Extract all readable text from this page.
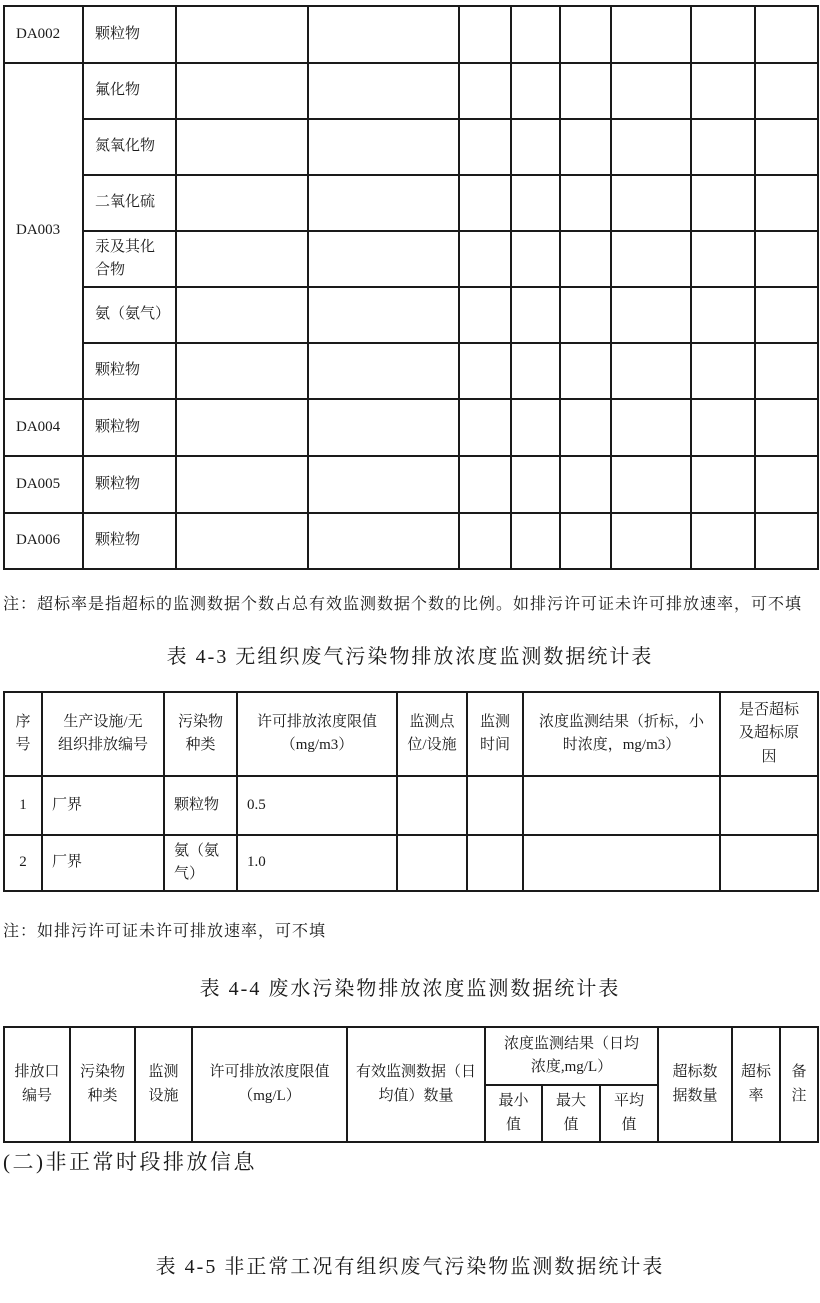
DA002	颗粒物								
DA003	氟化物								
	氮氧化物								
	二氧化硫								
	汞及其化合物								
	氨（氨气）								
	颗粒物								
DA004	颗粒物								
DA005	颗粒物								
DA006	颗粒物								

注：超标率是指超标的监测数据个数占总有效监测数据个数的比例。如排污许可证未许可排放速率，可不填

表 4-3 无组织废气污染物排放浓度监测数据统计表
序号	生产设施/无组织排放编号	污染物种类	许可排放浓度限值（mg/m3）	监测点位/设施	监测时间	浓度监测结果（折标，小时浓度，mg/m3）	是否超标及超标原因
1	厂界	颗粒物	0.5				
2	厂界	氨（氨气）	1.0				

注：如排污许可证未许可排放速率，可不填

表 4-4 废水污染物排放浓度监测数据统计表
排放口编号	污染物种类	监测设施	许可排放浓度限值（mg/L）	有效监测数据（日均值）数量	浓度监测结果（日均浓度,mg/L）			超标数据数量	超标率	备注
					最小值	最大值	平均值			
(二)非正常时段排放信息
表 4-5 非正常工况有组织废气污染物监测数据统计表
